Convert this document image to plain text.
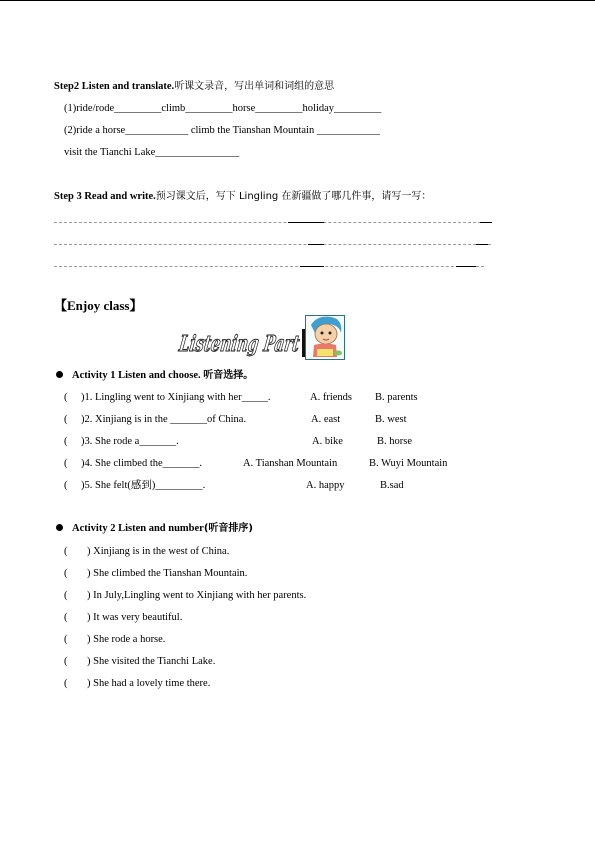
Step2 Listen and translate.听课文录音，写出单词和词组的意思
(1)ride/rode_________climb_________horse_________holiday_________
(2)ride a horse____________ climb the Tianshan Mountain ____________
visit the Tianchi Lake________________
Step 3 Read and write.预习课文后，写下 Lingling 在新疆做了哪几件事，请写一写：
【Enjoy class】
Listening Part
Activity 1 Listen and choose. 听音选择。
( )1. Lingling went to Xinjiang with her_____.	A. friends B. parents
( )2. Xinjiang is in the _______of China.	A. east	B. west
( )3. She rode a_______.	A. bike	B. horse
( )4. She climbed the_______.	A. Tianshan Mountain	B. Wuyi Mountain
( )5. She felt(感到)_________.	A. happy	B.sad
Activity 2 Listen and number(听音排序)
( ) Xinjiang is in the west of China.
( ) She climbed the Tianshan Mountain.
( ) In July,Lingling went to Xinjiang with her parents.
( ) It was very beautiful.
( ) She rode a horse.
( ) She visited the Tianchi Lake.
( ) She had a lovely time there.
